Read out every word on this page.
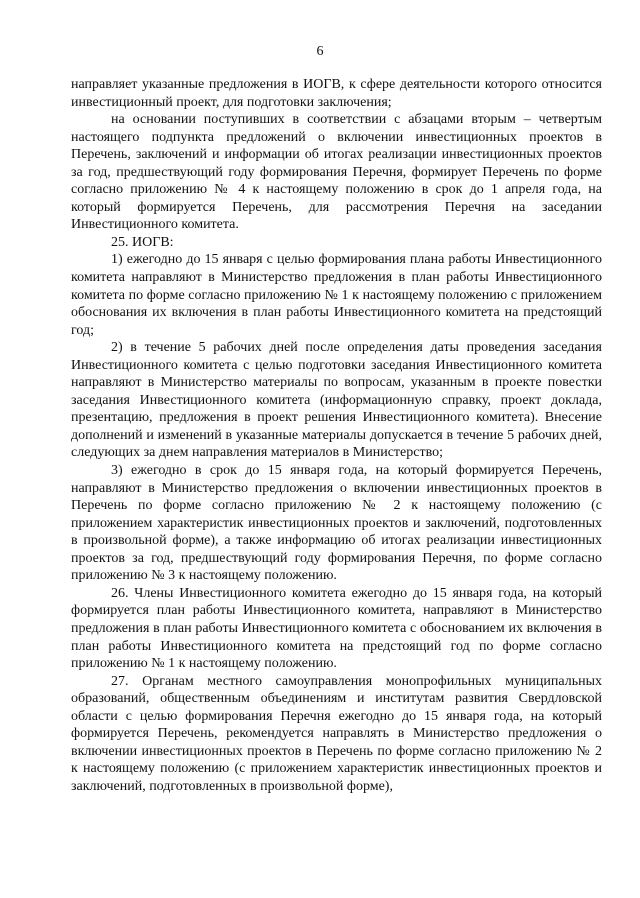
6

направляет указанные предложения в ИОГВ, к сфере деятельности которого относится инвестиционный проект, для подготовки заключения;

на основании поступивших в соответствии с абзацами вторым – четвертым настоящего подпункта предложений о включении инвестиционных проектов в Перечень, заключений и информации об итогах реализации инвестиционных проектов за год, предшествующий году формирования Перечня, формирует Перечень по форме согласно приложению № 4 к настоящему положению в срок до 1 апреля года, на который формируется Перечень, для рассмотрения Перечня на заседании Инвестиционного комитета.

25. ИОГВ:

1) ежегодно до 15 января с целью формирования плана работы Инвестиционного комитета направляют в Министерство предложения в план работы Инвестиционного комитета по форме согласно приложению № 1 к настоящему положению с приложением обоснования их включения в план работы Инвестиционного комитета на предстоящий год;

2) в течение 5 рабочих дней после определения даты проведения заседания Инвестиционного комитета с целью подготовки заседания Инвестиционного комитета направляют в Министерство материалы по вопросам, указанным в проекте повестки заседания Инвестиционного комитета (информационную справку, проект доклада, презентацию, предложения в проект решения Инвестиционного комитета). Внесение дополнений и изменений в указанные материалы допускается в течение 5 рабочих дней, следующих за днем направления материалов в Министерство;

3) ежегодно в срок до 15 января года, на который формируется Перечень, направляют в Министерство предложения о включении инвестиционных проектов в Перечень по форме согласно приложению № 2 к настоящему положению (с приложением характеристик инвестиционных проектов и заключений, подготовленных в произвольной форме), а также информацию об итогах реализации инвестиционных проектов за год, предшествующий году формирования Перечня, по форме согласно приложению № 3 к настоящему положению.

26. Члены Инвестиционного комитета ежегодно до 15 января года, на который формируется план работы Инвестиционного комитета, направляют в Министерство предложения в план работы Инвестиционного комитета с обоснованием их включения в план работы Инвестиционного комитета на предстоящий год по форме согласно приложению № 1 к настоящему положению.

27. Органам местного самоуправления монопрофильных муниципальных образований, общественным объединениям и институтам развития Свердловской области с целью формирования Перечня ежегодно до 15 января года, на который формируется Перечень, рекомендуется направлять в Министерство предложения о включении инвестиционных проектов в Перечень по форме согласно приложению № 2 к настоящему положению (с приложением характеристик инвестиционных проектов и заключений, подготовленных в произвольной форме),
